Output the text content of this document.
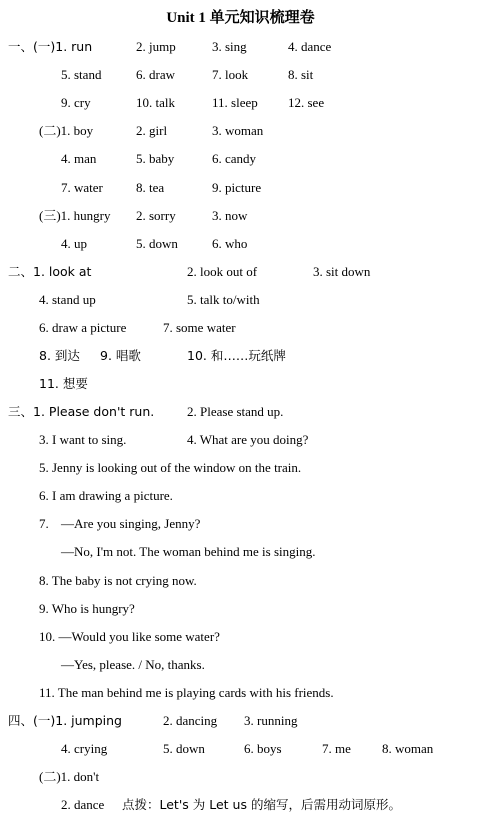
Unit 1 单元知识梳理卷
一、(一)1. run	2. jump	3. sing	4. dance
5. stand	6. draw	7. look	8. sit
9. cry	10. talk	11. sleep 12. see
(二)1. boy	2. girl	3. woman
4. man	5. baby	6. candy
7. water	8. tea	9. picture
(三)1. hungry 2. sorry	3. now
4. up	5. down	6. who
二、1. look at	2. look out of	3. sit down
4. stand up	5. talk to/with
6. draw a picture	7. some water
8. 到达 9. 唱歌	10. 和……玩纸牌
11. 想要
三、1. Please don't run.	2. Please stand up.
3. I want to sing.	4. What are you doing?
5. Jenny is looking out of the window on the train.
6. I am drawing a picture.
7. —Are you singing, Jenny?
—No, I'm not. The woman behind me is singing.
8. The baby is not crying now.
9. Who is hungry?
10. —Would you like some water?
—Yes, please. / No, thanks.
11. The man behind me is playing cards with his friends.
四、(一)1. jumping	2. dancing 3. running
4. crying	5. down	6. boys	7. me 8. woman
(二)1. don't
2. dance 点拨：Let's 为 Let us 的缩写，后需用动词原形。
